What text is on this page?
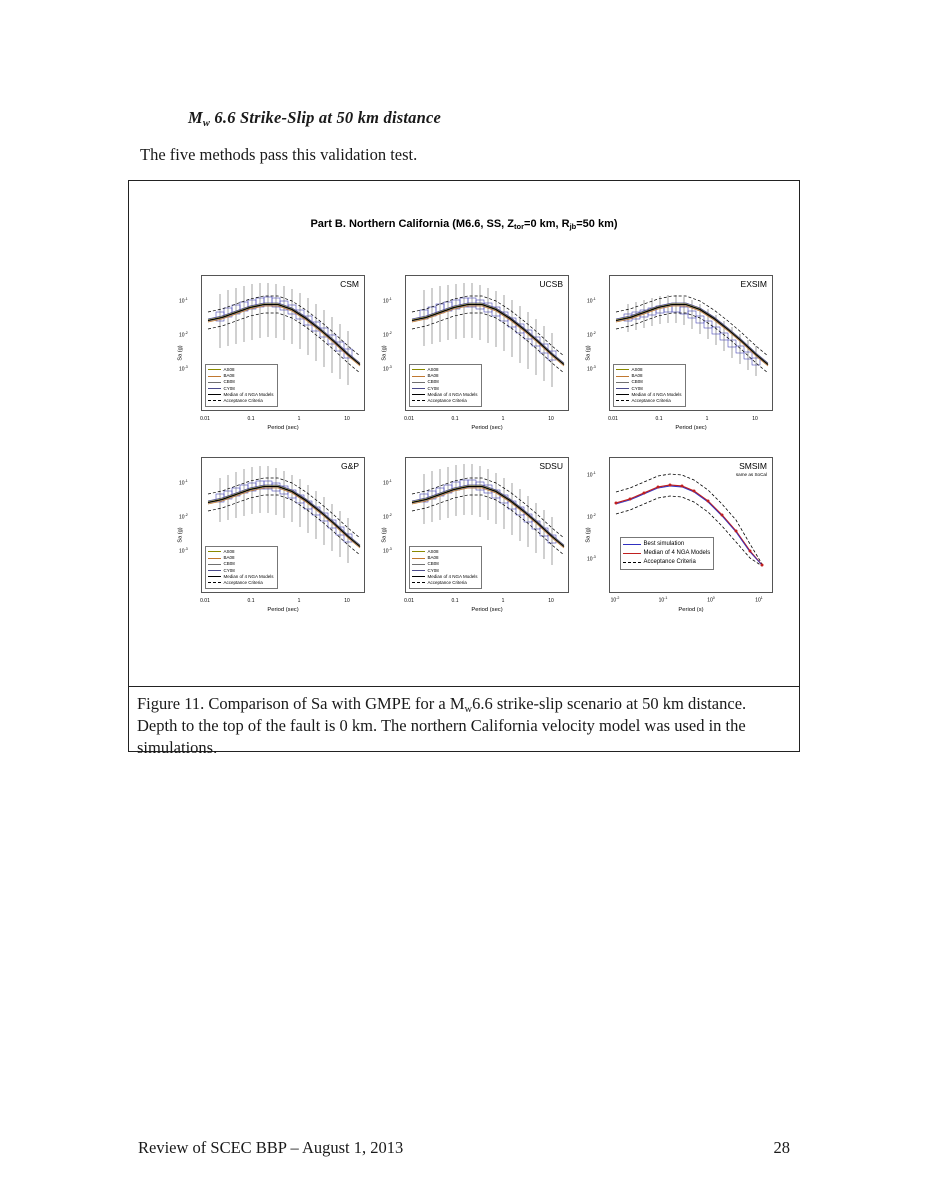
$M_w$ 6.6 Strike-Slip at 50 km distance
The five methods pass this validation test.
Part B. Northern California (M6.6, SS, $Z_{tor}=0$ km, $R_{jb}=50$ km)
Sa (g)
$10^{-1}$
$10^{-2}$
$10^{-3}$
CSM
AS08
BA08
CB08
CY08
Median of 4 NGA Models
Acceptance Criteria
0.01	0.1	1	10
Period (sec)
Sa (g)
$10^{-1}$
$10^{-2}$
$10^{-3}$
UCSB
AS08
BA08
CB08
CY08
Median of 4 NGA Models
Acceptance Criteria
0.01	0.1	1	10
Period (sec)
Sa (g)
$10^{-1}$
$10^{-2}$
$10^{-3}$
EXSIM
AS08
BA08
CB08
CY08
Median of 4 NGA Models
Acceptance Criteria
0.01	0.1	1	10
Period (sec)
Sa (g)
$10^{-1}$
$10^{-2}$
$10^{-3}$
G&P
AS08
BA08
CB08
CY08
Median of 4 NGA Models
Acceptance Criteria
0.01	0.1	1	10
Period (sec)
Sa (g)
$10^{-1}$
$10^{-2}$
$10^{-3}$
SDSU
AS08
BA08
CB08
CY08
Median of 4 NGA Models
Acceptance Criteria
0.01	0.1	1	10
Period (sec)
Sa (g)
$10^{-1}$
$10^{-2}$
$10^{-3}$
SMSIM
same as SoCal
Best simulation
Median of 4 NGA Models
Acceptance Criteria
$10^{-2}$	$10^{-1}$	$10^0$	$10^1$
Period (s)
Figure 11. Comparison of Sa with GMPE for a $M_w6.6$ strike-slip scenario at 50 km distance. Depth to the top of the fault is 0 km. The northern California velocity model was used in the simulations.
Review of SCEC BBP – August 1, 2013	28
